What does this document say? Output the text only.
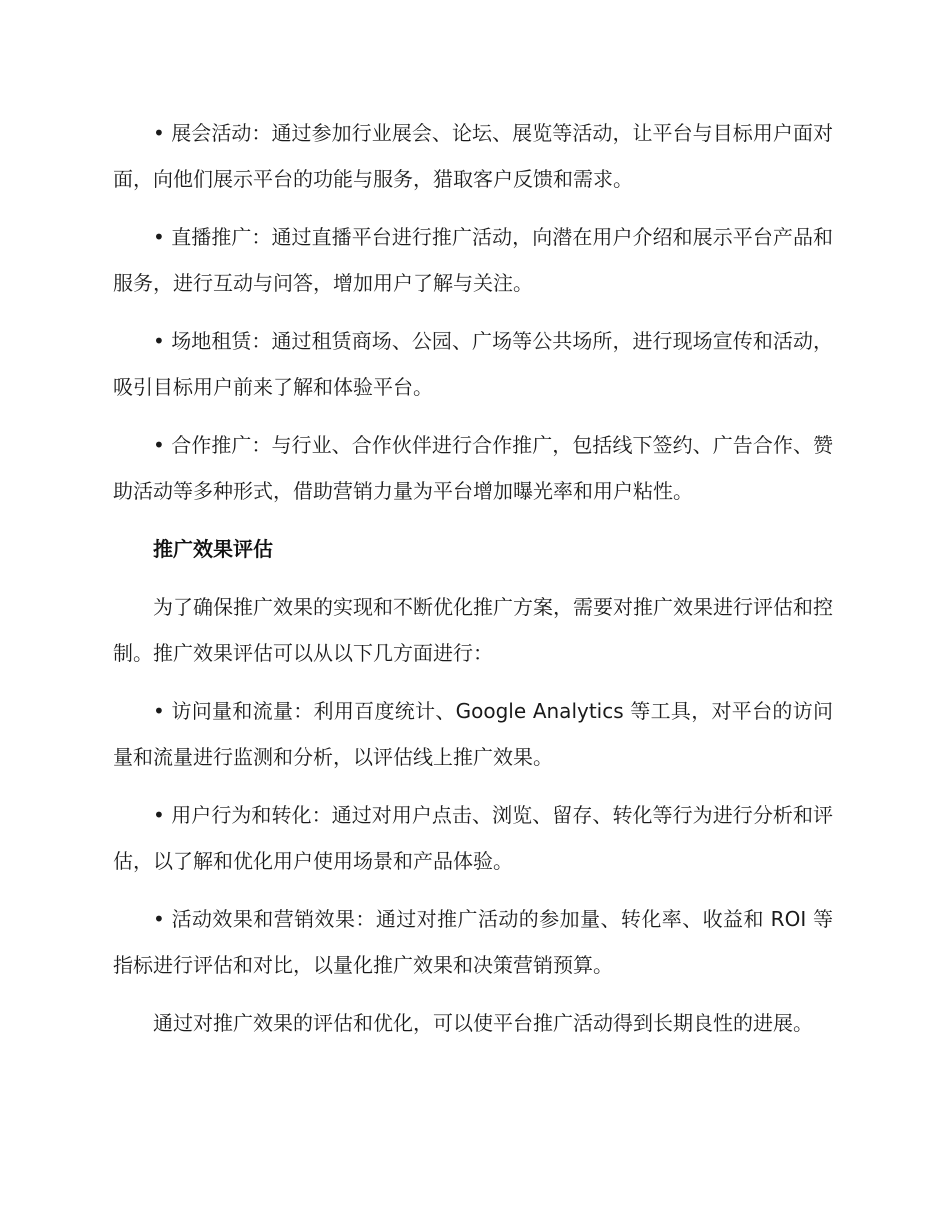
• 展会活动：通过参加行业展会、论坛、展览等活动，让平台与目标用户面对面，向他们展示平台的功能与服务，猎取客户反馈和需求。

• 直播推广：通过直播平台进行推广活动，向潜在用户介绍和展示平台产品和服务，进行互动与问答，增加用户了解与关注。

• 场地租赁：通过租赁商场、公园、广场等公共场所，进行现场宣传和活动，吸引目标用户前来了解和体验平台。

• 合作推广：与行业、合作伙伴进行合作推广，包括线下签约、广告合作、赞助活动等多种形式，借助营销力量为平台增加曝光率和用户粘性。

推广效果评估

为了确保推广效果的实现和不断优化推广方案，需要对推广效果进行评估和控制。推广效果评估可以从以下几方面进行：

• 访问量和流量：利用百度统计、Google Analytics 等工具，对平台的访问量和流量进行监测和分析，以评估线上推广效果。

• 用户行为和转化：通过对用户点击、浏览、留存、转化等行为进行分析和评估，以了解和优化用户使用场景和产品体验。

• 活动效果和营销效果：通过对推广活动的参加量、转化率、收益和 ROI 等指标进行评估和对比，以量化推广效果和决策营销预算。

通过对推广效果的评估和优化，可以使平台推广活动得到长期良性的进展。
